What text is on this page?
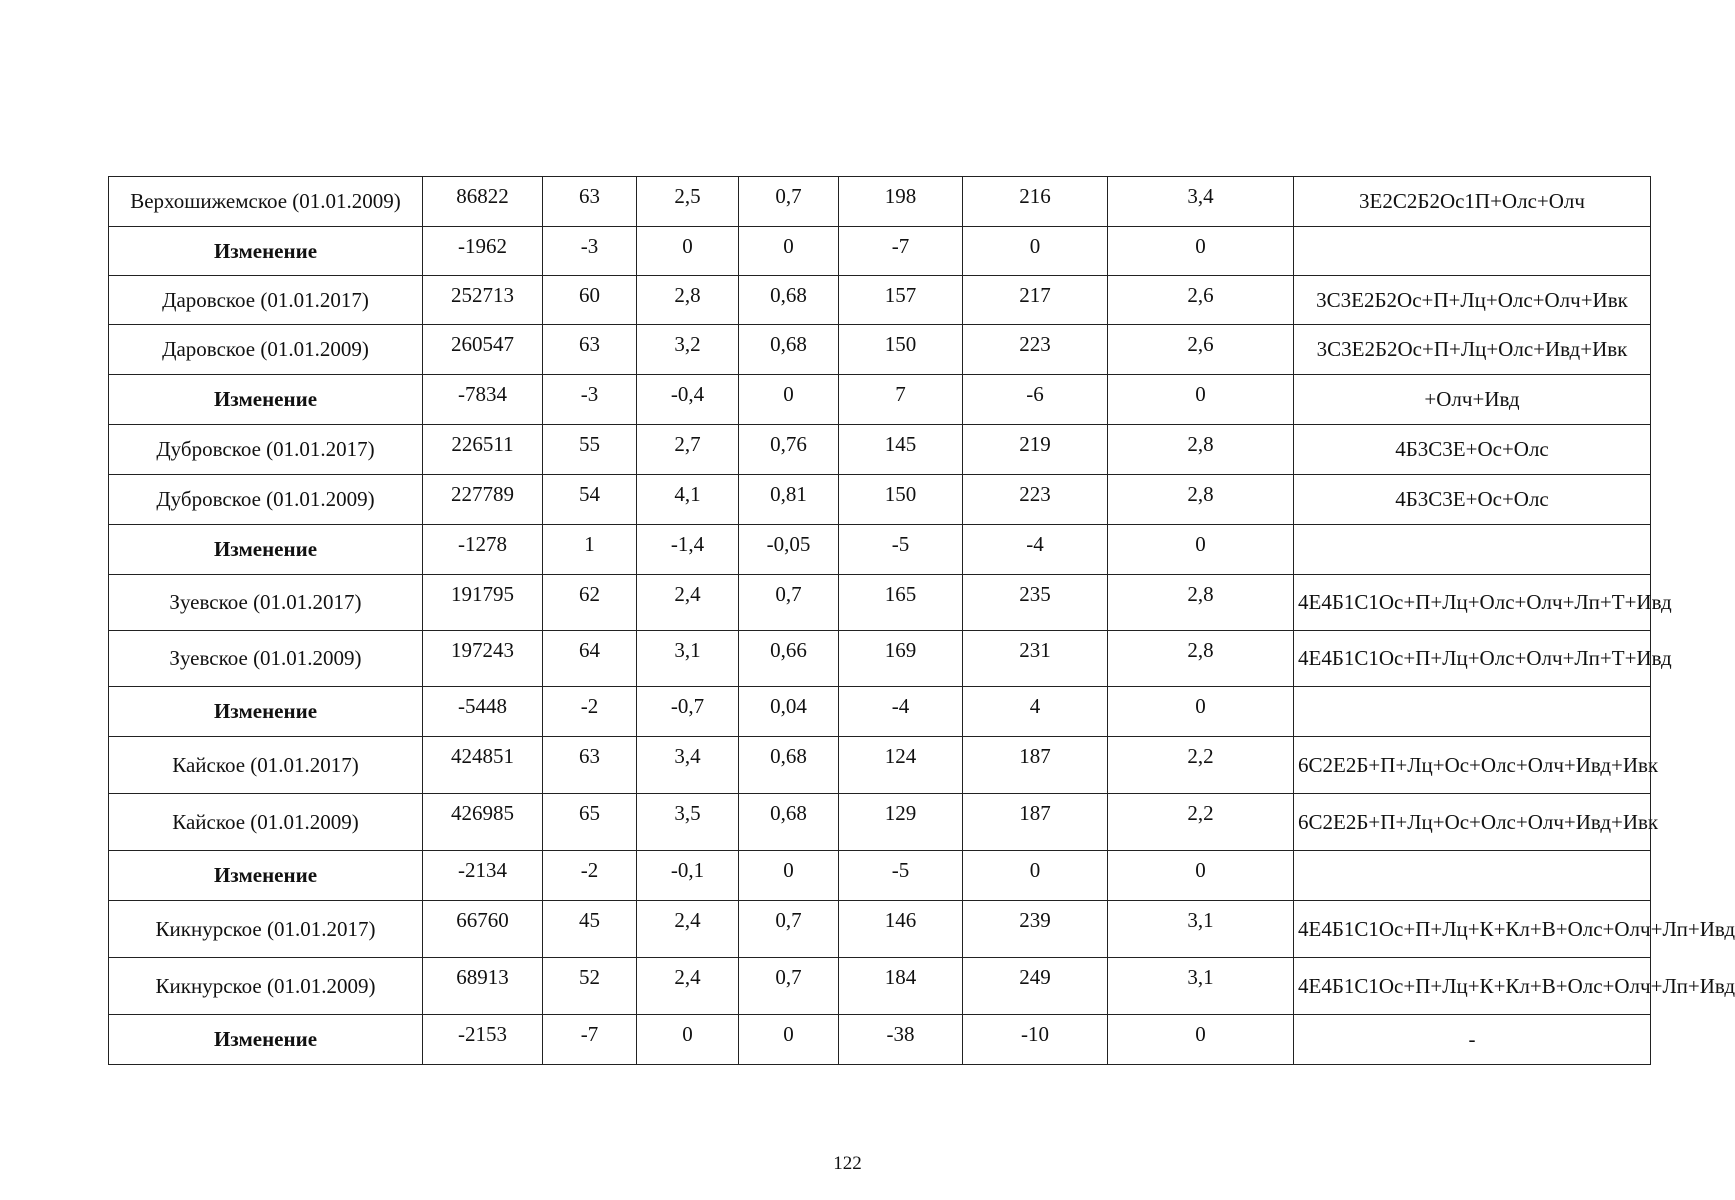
Верхошижемское (01.01.2009)	86822	63	2,5	0,7	198	216	3,4	3Е2С2Б2Ос1П+Олс+Олч
Изменение	-1962	-3	0	0	-7	0	0	
Даровское (01.01.2017)	252713	60	2,8	0,68	157	217	2,6	3С3Е2Б2Ос+П+Лц+Олс+Олч+Ивк
Даровское (01.01.2009)	260547	63	3,2	0,68	150	223	2,6	3С3Е2Б2Ос+П+Лц+Олс+Ивд+Ивк
Изменение	-7834	-3	-0,4	0	7	-6	0	+Олч+Ивд
Дубровское (01.01.2017)	226511	55	2,7	0,76	145	219	2,8	4Б3С3Е+Ос+Олс
Дубровское (01.01.2009)	227789	54	4,1	0,81	150	223	2,8	4Б3С3Е+Ос+Олс
Изменение	-1278	1	-1,4	-0,05	-5	-4	0	
Зуевское (01.01.2017)	191795	62	2,4	0,7	165	235	2,8	4Е4Б1С1Ос+П+Лц+Олс+Олч+Лп+Т+Ивд
Зуевское (01.01.2009)	197243	64	3,1	0,66	169	231	2,8	4Е4Б1С1Ос+П+Лц+Олс+Олч+Лп+Т+Ивд
Изменение	-5448	-2	-0,7	0,04	-4	4	0	
Кайское (01.01.2017)	424851	63	3,4	0,68	124	187	2,2	6С2Е2Б+П+Лц+Ос+Олс+Олч+Ивд+Ивк
Кайское (01.01.2009)	426985	65	3,5	0,68	129	187	2,2	6С2Е2Б+П+Лц+Ос+Олс+Олч+Ивд+Ивк
Изменение	-2134	-2	-0,1	0	-5	0	0	
Кикнурское (01.01.2017)	66760	45	2,4	0,7	146	239	3,1	4Е4Б1С1Ос+П+Лц+К+Кл+В+Олс+Олч+Лп+Ивд
Кикнурское (01.01.2009)	68913	52	2,4	0,7	184	249	3,1	4Е4Б1С1Ос+П+Лц+К+Кл+В+Олс+Олч+Лп+Ивд
Изменение	-2153	-7	0	0	-38	-10	0	-
122
